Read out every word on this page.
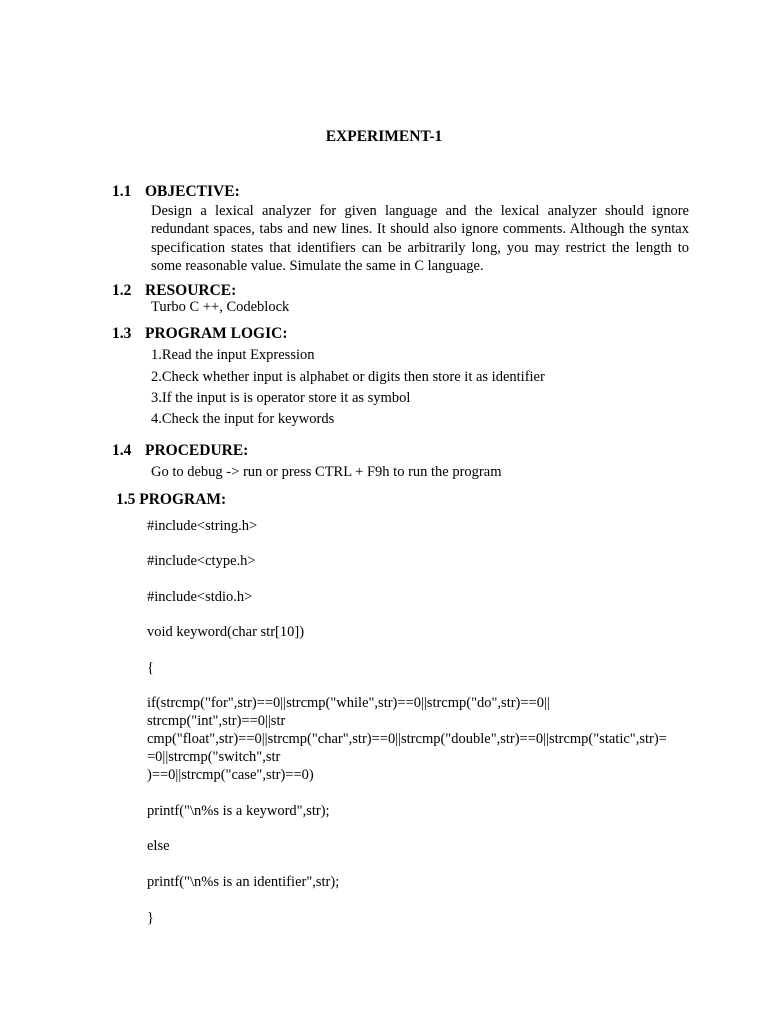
EXPERIMENT-1
1.1 OBJECTIVE:
Design a lexical analyzer for given language and the lexical analyzer should ignore redundant spaces, tabs and new lines. It should also ignore comments. Although the syntax specification states that identifiers can be arbitrarily long, you may restrict the length to some reasonable value. Simulate the same in C language.
1.2 RESOURCE:
Turbo C ++, Codeblock
1.3 PROGRAM LOGIC:
1.Read the input Expression
2.Check whether input is alphabet or digits then store it as identifier
3.If the input is is operator store it as symbol
4.Check the input for keywords
1.4 PROCEDURE:
Go to debug -> run or press CTRL + F9h to run the program
1.5 PROGRAM:
#include<string.h>
#include<ctype.h>
#include<stdio.h>
void keyword(char str[10])
{
if(strcmp("for",str)==0||strcmp("while",str)==0||strcmp("do",str)==0||
strcmp("int",str)==0||str
cmp("float",str)==0||strcmp("char",str)==0||strcmp("double",str)==0||strcmp("static",str)=
=0||strcmp("switch",str
)==0||strcmp("case",str)==0)
printf("\n%s is a keyword",str);
else
printf("\n%s is an identifier",str);
}
